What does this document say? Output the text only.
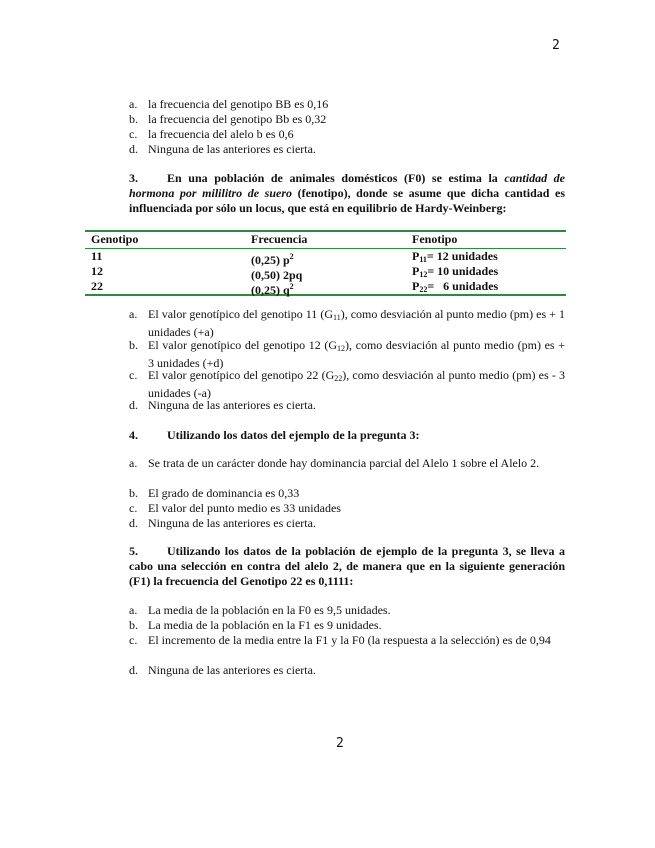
2
a. la frecuencia del genotipo BB es 0,16
b. la frecuencia del genotipo Bb es 0,32
c. la frecuencia del alelo b es 0,6
d. Ninguna de las anteriores es cierta.
3. En una población de animales domésticos (F0) se estima la cantidad de hormona por mililitro de suero (fenotipo), donde se asume que dicha cantidad es influenciada por sólo un locus, que está en equilibrio de Hardy-Weinberg:
Genotipo	Frecuencia	Fenotipo
11	(0,25) $p^2$	$P_{11}= 12$ unidades
12	(0,50) 2pq	$P_{12}= 10$ unidades
22	(0,25) $q^2$	$P_{22}= 6$ unidades
a. El valor genotípico del genotipo 11 $(G_{11})$, como desviación al punto medio (pm) es + 1 unidades (+a)
b. El valor genotípico del genotipo 12 $(G_{12})$, como desviación al punto medio (pm) es + 3 unidades (+d)
c. El valor genotípico del genotipo 22 $(G_{22})$, como desviación al punto medio (pm) es - 3 unidades (-a)
d. Ninguna de las anteriores es cierta.
4. Utilizando los datos del ejemplo de la pregunta 3:
a. Se trata de un carácter donde hay dominancia parcial del Alelo 1 sobre el Alelo 2.
b. El grado de dominancia es 0,33
c. El valor del punto medio es 33 unidades
d. Ninguna de las anteriores es cierta.
5. Utilizando los datos de la población de ejemplo de la pregunta 3, se lleva a cabo una selección en contra del alelo 2, de manera que en la siguiente generación (F1) la frecuencia del Genotipo 22 es 0,1111:
a. La media de la población en la F0 es 9,5 unidades.
b. La media de la población en la F1 es 9 unidades.
c. El incremento de la media entre la F1 y la F0 (la respuesta a la selección) es de 0,94
d. Ninguna de las anteriores es cierta.
2
